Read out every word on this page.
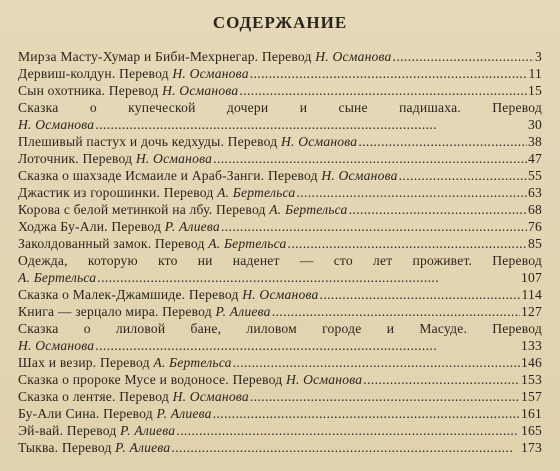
СОДЕРЖАНИЕ
Мирза Масту-Хумар и Биби-Мехрнегар. Перевод Н. Османова . . .	3
Дервиш-колдун. Перевод Н. Османова . . .	11
Сын охотника. Перевод Н. Османова . . .	15
Сказка о купеческой дочери и сыне падишаха. Перевод
Н. Османова . . .	30
Плешивый пастух и дочь кедхуды. Перевод Н. Османова . . .	38
Лоточник. Перевод Н. Османова . . .	47
Сказка о шахзаде Исмаиле и Араб-Занги. Перевод Н. Османова . . .	55
Джастик из горошинки. Перевод А. Бертельса . . .	63
Корова с белой метинкой на лбу. Перевод А. Бертельса . . .	68
Ходжа Бу-Али. Перевод Р. Алиева . . .	76
Заколдованный замок. Перевод А. Бертельса . . .	85
Одежда, которую кто ни наденет — сто лет проживет. Перевод
А. Бертельса . . .	107
Сказка о Малек-Джамшиде. Перевод Н. Османова . . .	114
Книга — зерцало мира. Перевод Р. Алиева . . .	127
Сказка о лиловой бане, лиловом городе и Масуде. Перевод
Н. Османова . . .	133
Шах и везир. Перевод А. Бертельса . . .	146
Сказка о пророке Мусе и водоносе. Перевод Н. Османова . . .	153
Сказка о лентяе. Перевод Н. Османова . . .	157
Бу-Али Сина. Перевод Р. Алиева . . .	161
Эй-вай. Перевод Р. Алиева . . .	165
Тыква. Перевод Р. Алиева . . .	173
